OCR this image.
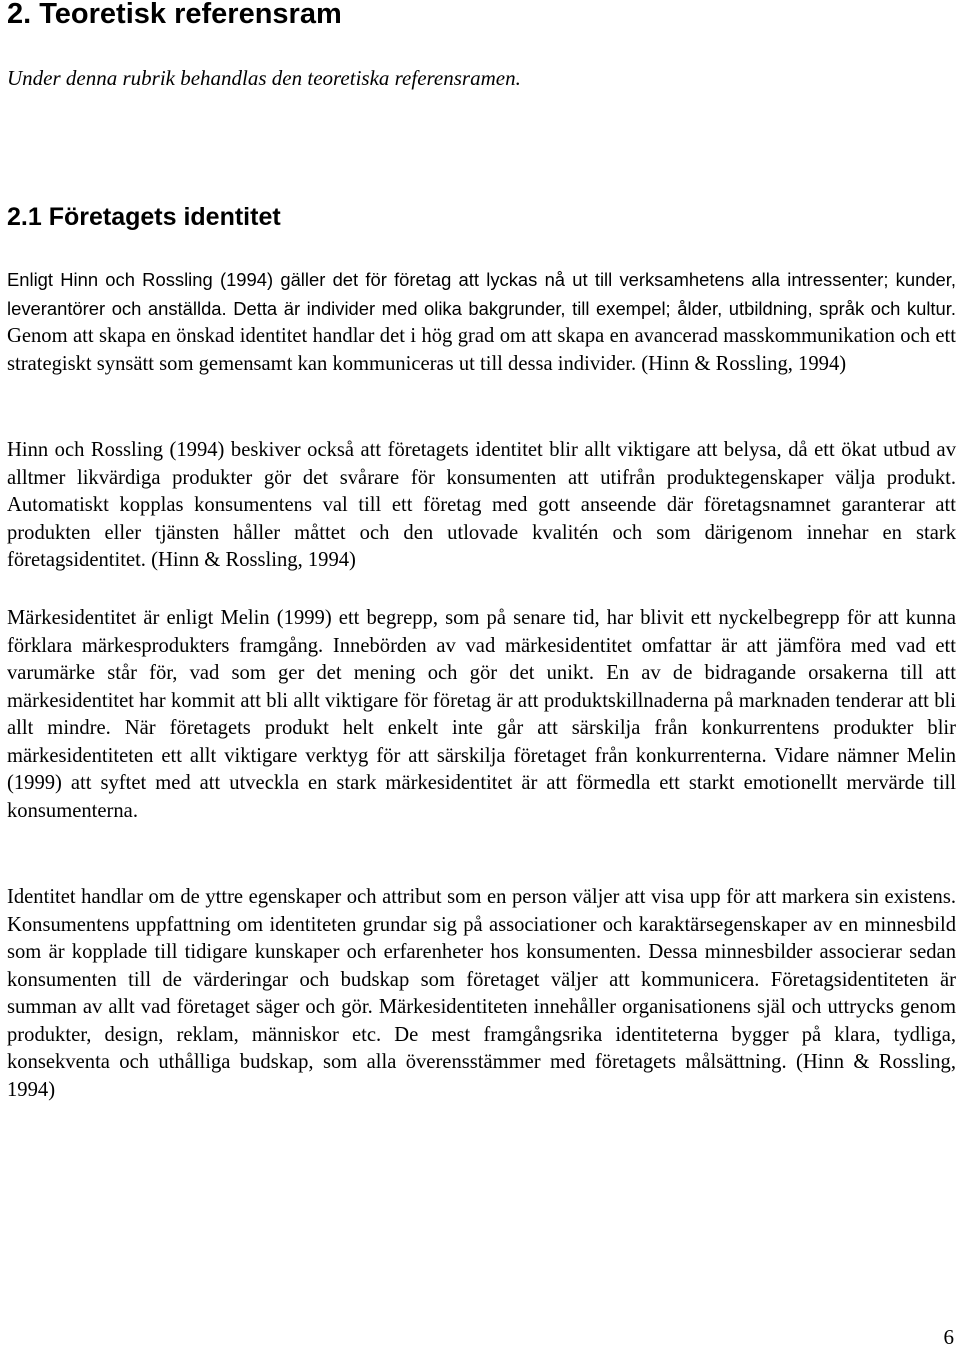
2. Teoretisk referensram

Under denna rubrik behandlas den teoretiska referensramen.

2.1 Företagets identitet

Enligt Hinn och Rossling (1994) gäller det för företag att lyckas nå ut till verksamhetens alla intressenter; kunder, leverantörer och anställda. Detta är individer med olika bakgrunder, till exempel; ålder, utbildning, språk och kultur. Genom att skapa en önskad identitet handlar det i hög grad om att skapa en avancerad masskommunikation och ett strategiskt synsätt som gemensamt kan kommuniceras ut till dessa individer. (Hinn & Rossling, 1994)

Hinn och Rossling (1994) beskiver också att företagets identitet blir allt viktigare att belysa, då ett ökat utbud av alltmer likvärdiga produkter gör det svårare för konsumenten att utifrån produktegenskaper välja produkt. Automatiskt kopplas konsumentens val till ett företag med gott anseende där företagsnamnet garanterar att produkten eller tjänsten håller måttet och den utlovade kvalitén och som därigenom innehar en stark företagsidentitet. (Hinn & Rossling, 1994)

Märkesidentitet är enligt Melin (1999) ett begrepp, som på senare tid, har blivit ett nyckelbegrepp för att kunna förklara märkesprodukters framgång. Innebörden av vad märkesidentitet omfattar är att jämföra med vad ett varumärke står för, vad som ger det mening och gör det unikt. En av de bidragande orsakerna till att märkesidentitet har kommit att bli allt viktigare för företag är att produktskillnaderna på marknaden tenderar att bli allt mindre. När företagets produkt helt enkelt inte går att särskilja från konkurrentens produkter blir märkesidentiteten ett allt viktigare verktyg för att särskilja företaget från konkurrenterna. Vidare nämner Melin (1999) att syftet med att utveckla en stark märkesidentitet är att förmedla ett starkt emotionellt mervärde till konsumenterna.

Identitet handlar om de yttre egenskaper och attribut som en person väljer att visa upp för att markera sin existens. Konsumentens uppfattning om identiteten grundar sig på associationer och karaktärsegenskaper av en minnesbild som är kopplade till tidigare kunskaper och erfarenheter hos konsumenten. Dessa minnesbilder associerar sedan konsumenten till de värderingar och budskap som företaget väljer att kommunicera. Företagsidentiteten är summan av allt vad företaget säger och gör. Märkesidentiteten innehåller organisationens själ och uttrycks genom produkter, design, reklam, människor etc. De mest framgångsrika identiteterna bygger på klara, tydliga, konsekventa och uthålliga budskap, som alla överensstämmer med företagets målsättning. (Hinn & Rossling, 1994)

6
